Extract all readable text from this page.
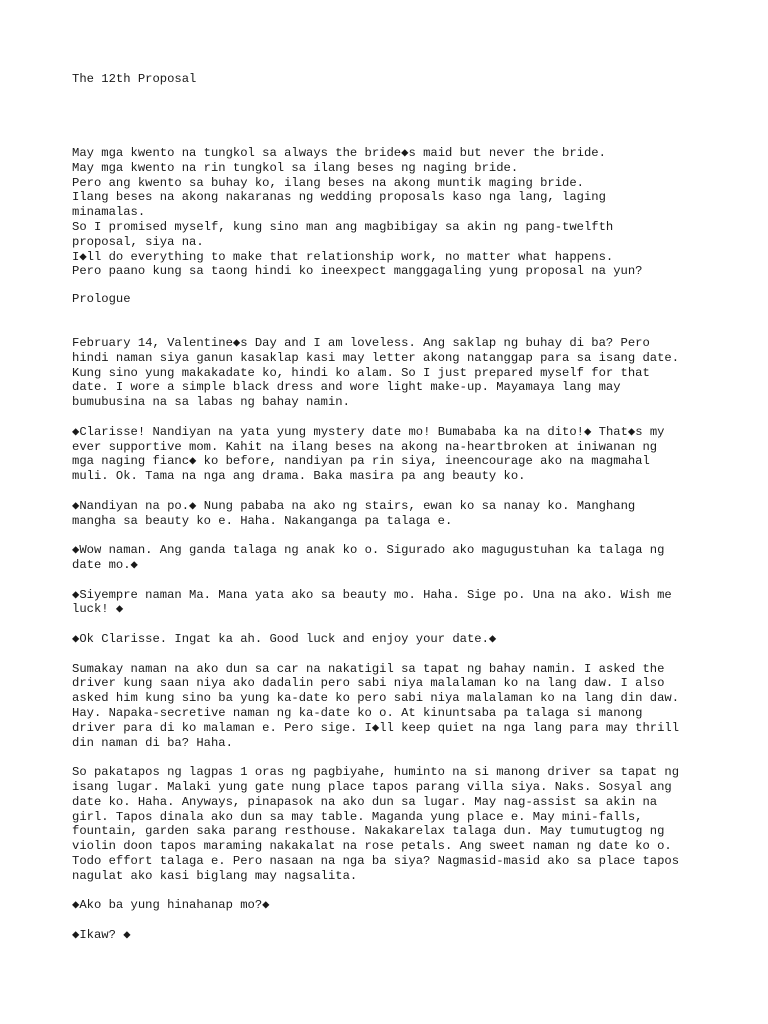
The 12th Proposal
May mga kwento na tungkol sa always the bride◆s maid but never the bride.
May mga kwento na rin tungkol sa ilang beses ng naging bride.
Pero ang kwento sa buhay ko, ilang beses na akong muntik maging bride.
Ilang beses na akong nakaranas ng wedding proposals kaso nga lang, laging
minamalas.
So I promised myself, kung sino man ang magbibigay sa akin ng pang-twelfth
proposal, siya na.
I◆ll do everything to make that relationship work, no matter what happens.
Pero paano kung sa taong hindi ko ineexpect manggagaling yung proposal na yun?
Prologue
February 14, Valentine◆s Day and I am loveless. Ang saklap ng buhay di ba? Pero
hindi naman siya ganun kasaklap kasi may letter akong natanggap para sa isang date.
Kung sino yung makakadate ko, hindi ko alam. So I just prepared myself for that
date. I wore a simple black dress and wore light make-up. Mayamaya lang may
bumubusina na sa labas ng bahay namin.
◆Clarisse! Nandiyan na yata yung mystery date mo! Bumababa ka na dito!◆ That◆s my
ever supportive mom. Kahit na ilang beses na akong na-heartbroken at iniwanan ng
mga naging fianc◆ ko before, nandiyan pa rin siya, ineencourage ako na magmahal
muli. Ok. Tama na nga ang drama. Baka masira pa ang beauty ko.
◆Nandiyan na po.◆ Nung pababa na ako ng stairs, ewan ko sa nanay ko. Manghang
mangha sa beauty ko e. Haha. Nakanganga pa talaga e.
◆Wow naman. Ang ganda talaga ng anak ko o. Sigurado ako magugustuhan ka talaga ng
date mo.◆
◆Siyempre naman Ma. Mana yata ako sa beauty mo. Haha. Sige po. Una na ako. Wish me
luck! ◆
◆Ok Clarisse. Ingat ka ah. Good luck and enjoy your date.◆
Sumakay naman na ako dun sa car na nakatigil sa tapat ng bahay namin. I asked the
driver kung saan niya ako dadalin pero sabi niya malalaman ko na lang daw. I also
asked him kung sino ba yung ka-date ko pero sabi niya malalaman ko na lang din daw.
Hay. Napaka-secretive naman ng ka-date ko o. At kinuntsaba pa talaga si manong
driver para di ko malaman e. Pero sige. I◆ll keep quiet na nga lang para may thrill
din naman di ba? Haha.
So pakatapos ng lagpas 1 oras ng pagbiyahe, huminto na si manong driver sa tapat ng
isang lugar. Malaki yung gate nung place tapos parang villa siya. Naks. Sosyal ang
date ko. Haha. Anyways, pinapasok na ako dun sa lugar. May nag-assist sa akin na
girl. Tapos dinala ako dun sa may table. Maganda yung place e. May mini-falls,
fountain, garden saka parang resthouse. Nakakarelax talaga dun. May tumutugtog ng
violin doon tapos maraming nakakalat na rose petals. Ang sweet naman ng date ko o.
Todo effort talaga e. Pero nasaan na nga ba siya? Nagmasid-masid ako sa place tapos
nagulat ako kasi biglang may nagsalita.
◆Ako ba yung hinahanap mo?◆
◆Ikaw? ◆
